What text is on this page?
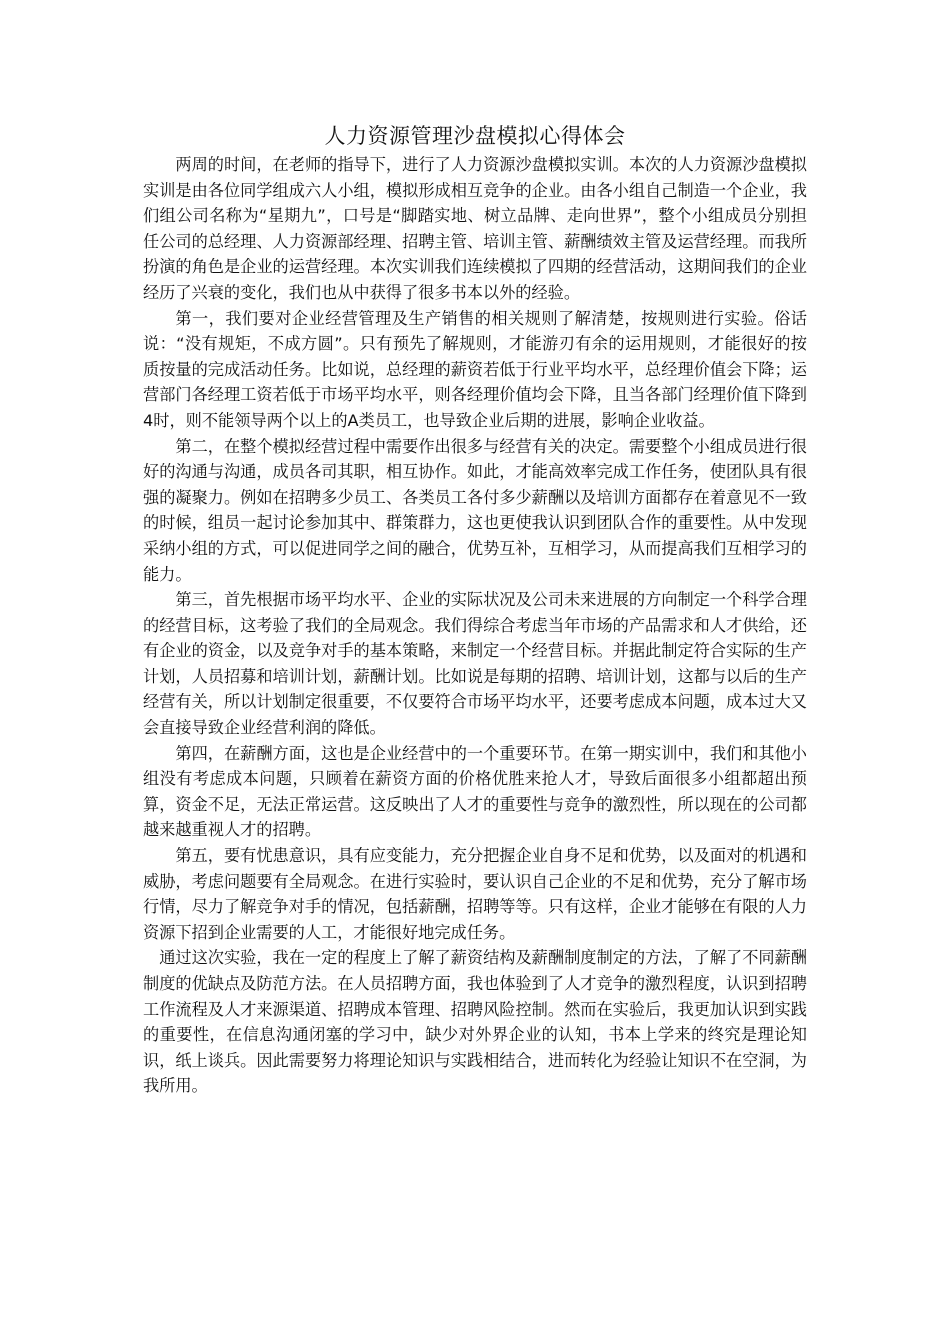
人力资源管理沙盘模拟心得体会

两周的时间，在老师的指导下，进行了人力资源沙盘模拟实训。本次的人力资源沙盘模拟实训是由各位同学组成六人小组，模拟形成相互竞争的企业。由各小组自己制造一个企业，我们组公司名称为“星期九”，口号是“脚踏实地、树立品牌、走向世界”，整个小组成员分别担任公司的总经理、人力资源部经理、招聘主管、培训主管、薪酬绩效主管及运营经理。而我所扮演的角色是企业的运营经理。本次实训我们连续模拟了四期的经营活动，这期间我们的企业经历了兴衰的变化，我们也从中获得了很多书本以外的经验。

第一，我们要对企业经营管理及生产销售的相关规则了解清楚，按规则进行实验。俗话说：“没有规矩，不成方圆”。只有预先了解规则，才能游刃有余的运用规则，才能很好的按质按量的完成活动任务。比如说，总经理的薪资若低于行业平均水平，总经理价值会下降；运营部门各经理工资若低于市场平均水平，则各经理价值均会下降，且当各部门经理价值下降到4时，则不能领导两个以上的A类员工，也导致企业后期的进展，影响企业收益。

第二，在整个模拟经营过程中需要作出很多与经营有关的决定。需要整个小组成员进行很好的沟通与沟通，成员各司其职，相互协作。如此，才能高效率完成工作任务，使团队具有很强的凝聚力。例如在招聘多少员工、各类员工各付多少薪酬以及培训方面都存在着意见不一致的时候，组员一起讨论参加其中、群策群力，这也更使我认识到团队合作的重要性。从中发现采纳小组的方式，可以促进同学之间的融合，优势互补，互相学习，从而提高我们互相学习的能力。

第三，首先根据市场平均水平、企业的实际状况及公司未来进展的方向制定一个科学合理的经营目标，这考验了我们的全局观念。我们得综合考虑当年市场的产品需求和人才供给，还有企业的资金，以及竞争对手的基本策略，来制定一个经营目标。并据此制定符合实际的生产计划，人员招募和培训计划，薪酬计划。比如说是每期的招聘、培训计划，这都与以后的生产经营有关，所以计划制定很重要，不仅要符合市场平均水平，还要考虑成本问题，成本过大又会直接导致企业经营利润的降低。

第四，在薪酬方面，这也是企业经营中的一个重要环节。在第一期实训中，我们和其他小组没有考虑成本问题，只顾着在薪资方面的价格优胜来抢人才，导致后面很多小组都超出预算，资金不足，无法正常运营。这反映出了人才的重要性与竞争的激烈性，所以现在的公司都越来越重视人才的招聘。

第五，要有忧患意识，具有应变能力，充分把握企业自身不足和优势，以及面对的机遇和威胁，考虑问题要有全局观念。在进行实验时，要认识自己企业的不足和优势，充分了解市场行情，尽力了解竞争对手的情况，包括薪酬，招聘等等。只有这样，企业才能够在有限的人力资源下招到企业需要的人工，才能很好地完成任务。

通过这次实验，我在一定的程度上了解了薪资结构及薪酬制度制定的方法，了解了不同薪酬制度的优缺点及防范方法。在人员招聘方面，我也体验到了人才竞争的激烈程度，认识到招聘工作流程及人才来源渠道、招聘成本管理、招聘风险控制。然而在实验后，我更加认识到实践的重要性，在信息沟通闭塞的学习中，缺少对外界企业的认知，书本上学来的终究是理论知识，纸上谈兵。因此需要努力将理论知识与实践相结合，进而转化为经验让知识不在空洞，为我所用。
